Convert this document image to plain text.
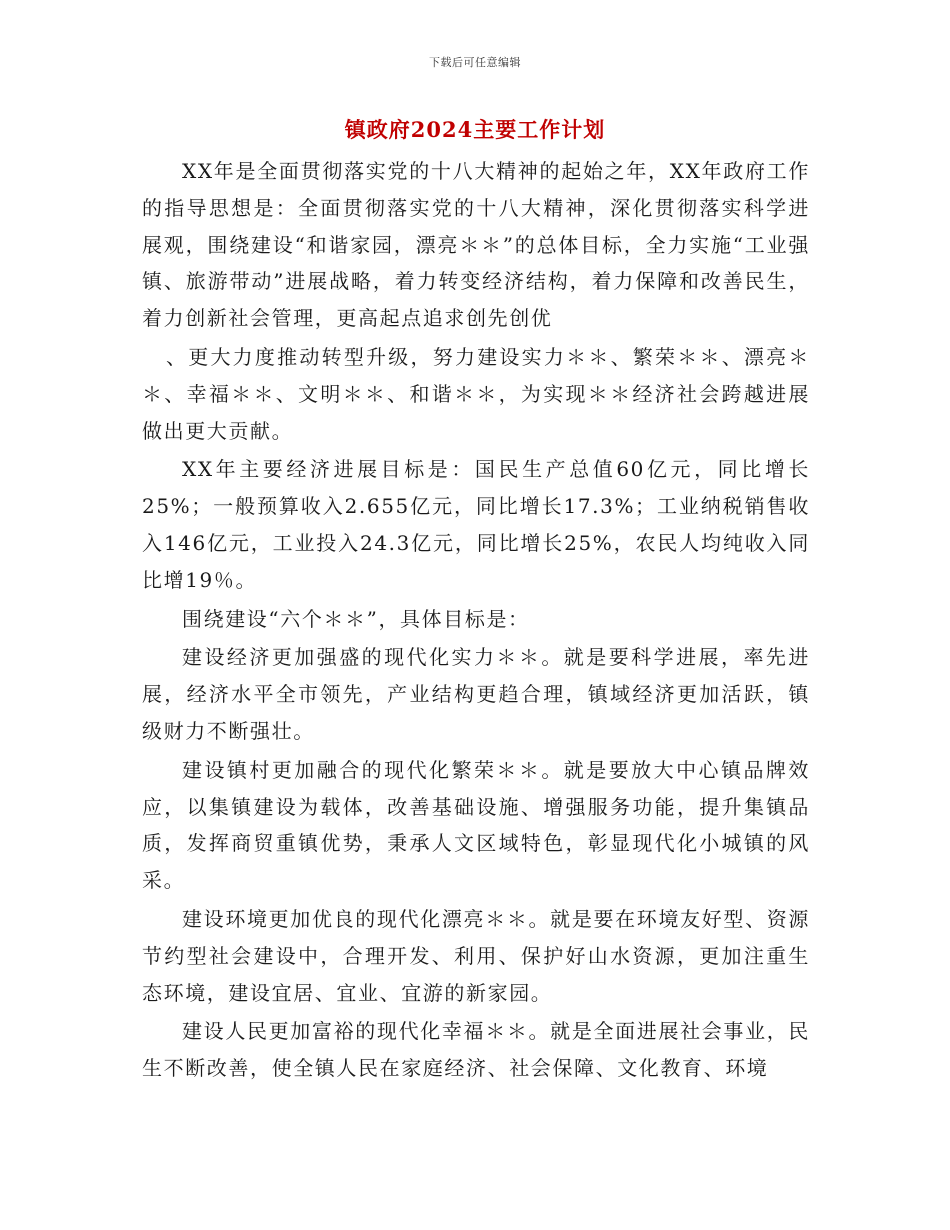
下载后可任意编辑
镇政府2024主要工作计划

XX年是全面贯彻落实党的十八大精神的起始之年，XX年政府工作的指导思想是：全面贯彻落实党的十八大精神，深化贯彻落实科学进展观，围绕建设“和谐家园，漂亮＊＊”的总体目标，全力实施“工业强镇、旅游带动”进展战略，着力转变经济结构，着力保障和改善民生，着力创新社会管理，更高起点追求创先创优

、更大力度推动转型升级，努力建设实力＊＊、繁荣＊＊、漂亮＊＊、幸福＊＊、文明＊＊、和谐＊＊，为实现＊＊经济社会跨越进展做出更大贡献。

XX年主要经济进展目标是：国民生产总值60亿元，同比增长25%；一般预算收入2.655亿元，同比增长17.3%；工业纳税销售收入146亿元，工业投入24.3亿元，同比增长25%，农民人均纯收入同比增19％。

围绕建设“六个＊＊”，具体目标是：

建设经济更加强盛的现代化实力＊＊。就是要科学进展，率先进展，经济水平全市领先，产业结构更趋合理，镇域经济更加活跃，镇级财力不断强壮。

建设镇村更加融合的现代化繁荣＊＊。就是要放大中心镇品牌效应，以集镇建设为载体，改善基础设施、增强服务功能，提升集镇品质，发挥商贸重镇优势，秉承人文区域特色，彰显现代化小城镇的风采。

建设环境更加优良的现代化漂亮＊＊。就是要在环境友好型、资源节约型社会建设中，合理开发、利用、保护好山水资源，更加注重生态环境，建设宜居、宜业、宜游的新家园。

建设人民更加富裕的现代化幸福＊＊。就是全面进展社会事业，民生不断改善，使全镇人民在家庭经济、社会保障、文化教育、环境
